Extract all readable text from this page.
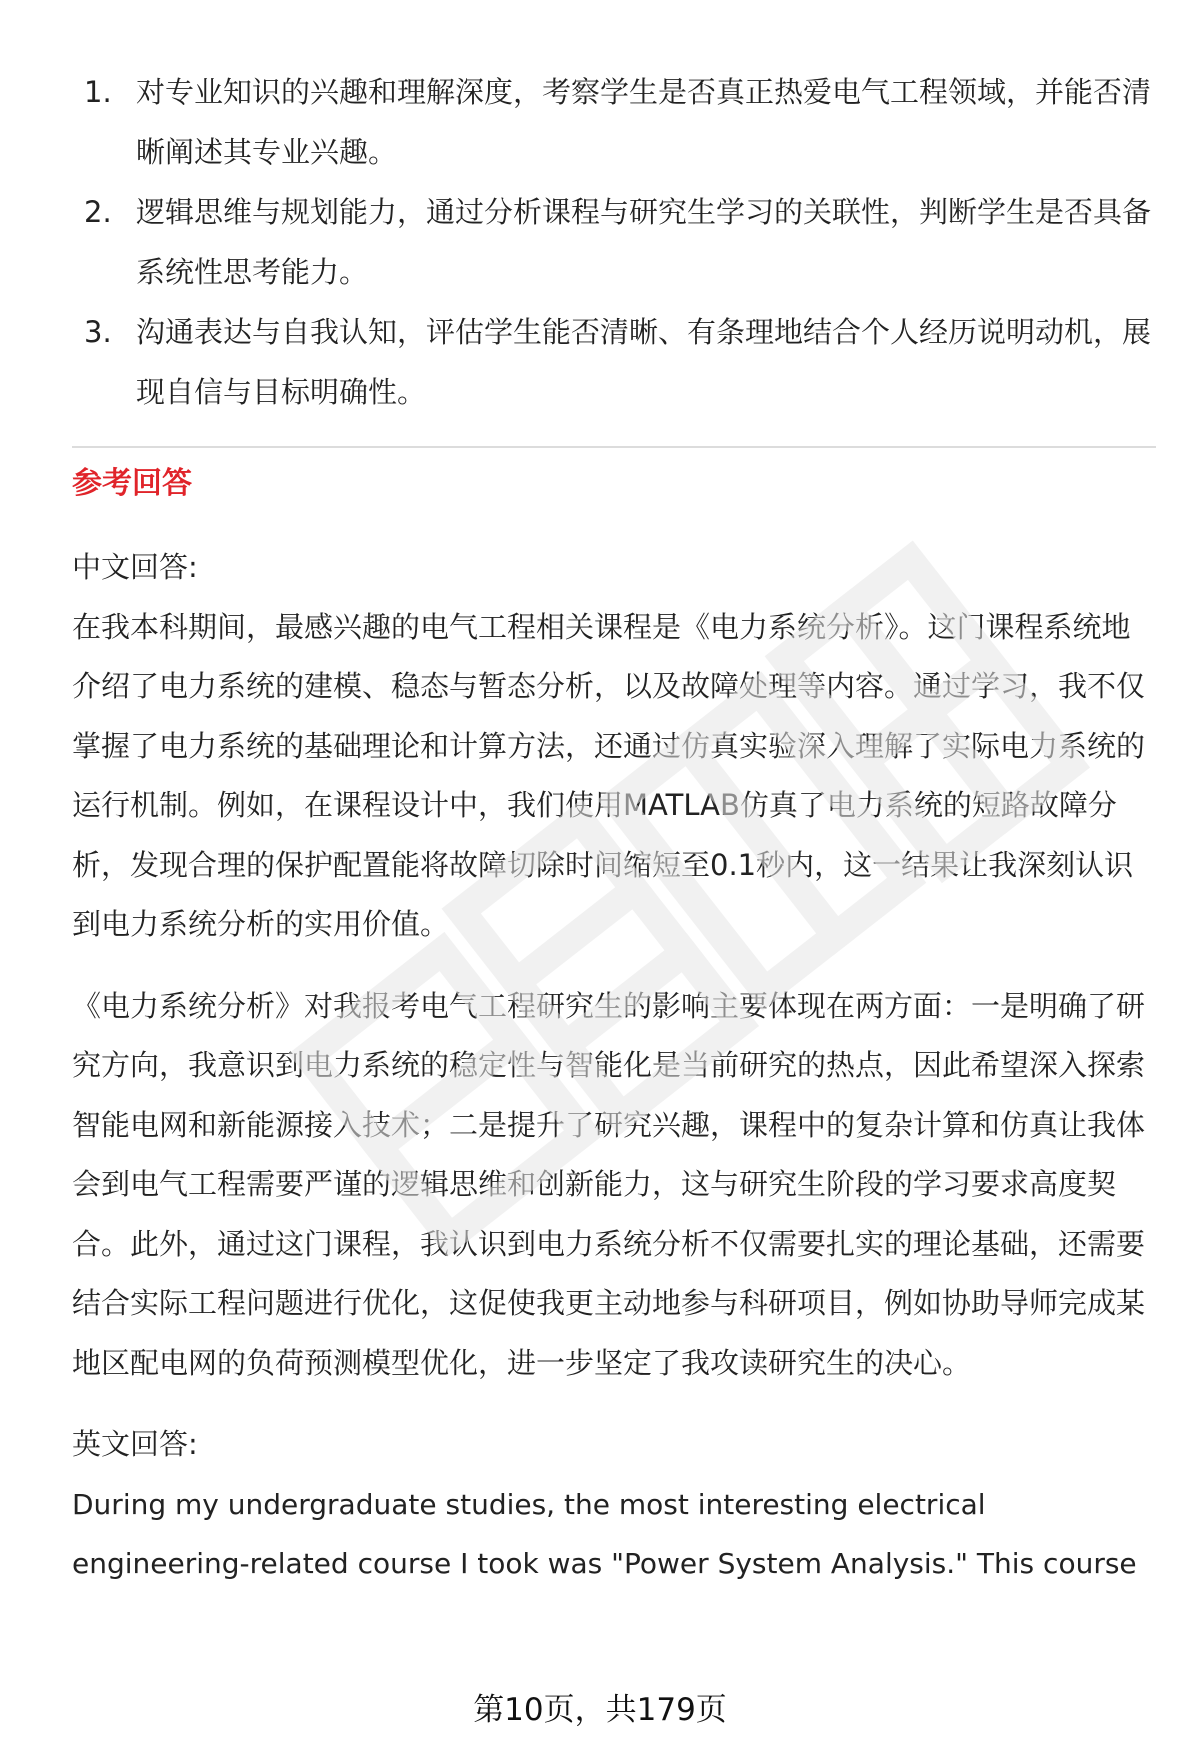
1. 对专业知识的兴趣和理解深度，考察学生是否真正热爱电气工程领域，并能否清晰阐述其专业兴趣。
2. 逻辑思维与规划能力，通过分析课程与研究生学习的关联性，判断学生是否具备系统性思考能力。
3. 沟通表达与自我认知，评估学生能否清晰、有条理地结合个人经历说明动机，展现自信与目标明确性。
参考回答

中文回答:

在我本科期间，最感兴趣的电气工程相关课程是《电力系统分析》。这门课程系统地介绍了电力系统的建模、稳态与暂态分析，以及故障处理等内容。通过学习，我不仅掌握了电力系统的基础理论和计算方法，还通过仿真实验深入理解了实际电力系统的运行机制。例如，在课程设计中，我们使用MATLAB仿真了电力系统的短路故障分析，发现合理的保护配置能将故障切除时间缩短至0.1秒内，这一结果让我深刻认识到电力系统分析的实用价值。

《电力系统分析》对我报考电气工程研究生的影响主要体现在两方面：一是明确了研究方向，我意识到电力系统的稳定性与智能化是当前研究的热点，因此希望深入探索智能电网和新能源接入技术；二是提升了研究兴趣，课程中的复杂计算和仿真让我体会到电气工程需要严谨的逻辑思维和创新能力，这与研究生阶段的学习要求高度契合。此外，通过这门课程，我认识到电力系统分析不仅需要扎实的理论基础，还需要结合实际工程问题进行优化，这促使我更主动地参与科研项目，例如协助导师完成某地区配电网的负荷预测模型优化，进一步坚定了我攻读研究生的决心。

英文回答:

During my undergraduate studies, the most interesting electrical engineering-related course I took was "Power System Analysis." This course

第10页，共179页
